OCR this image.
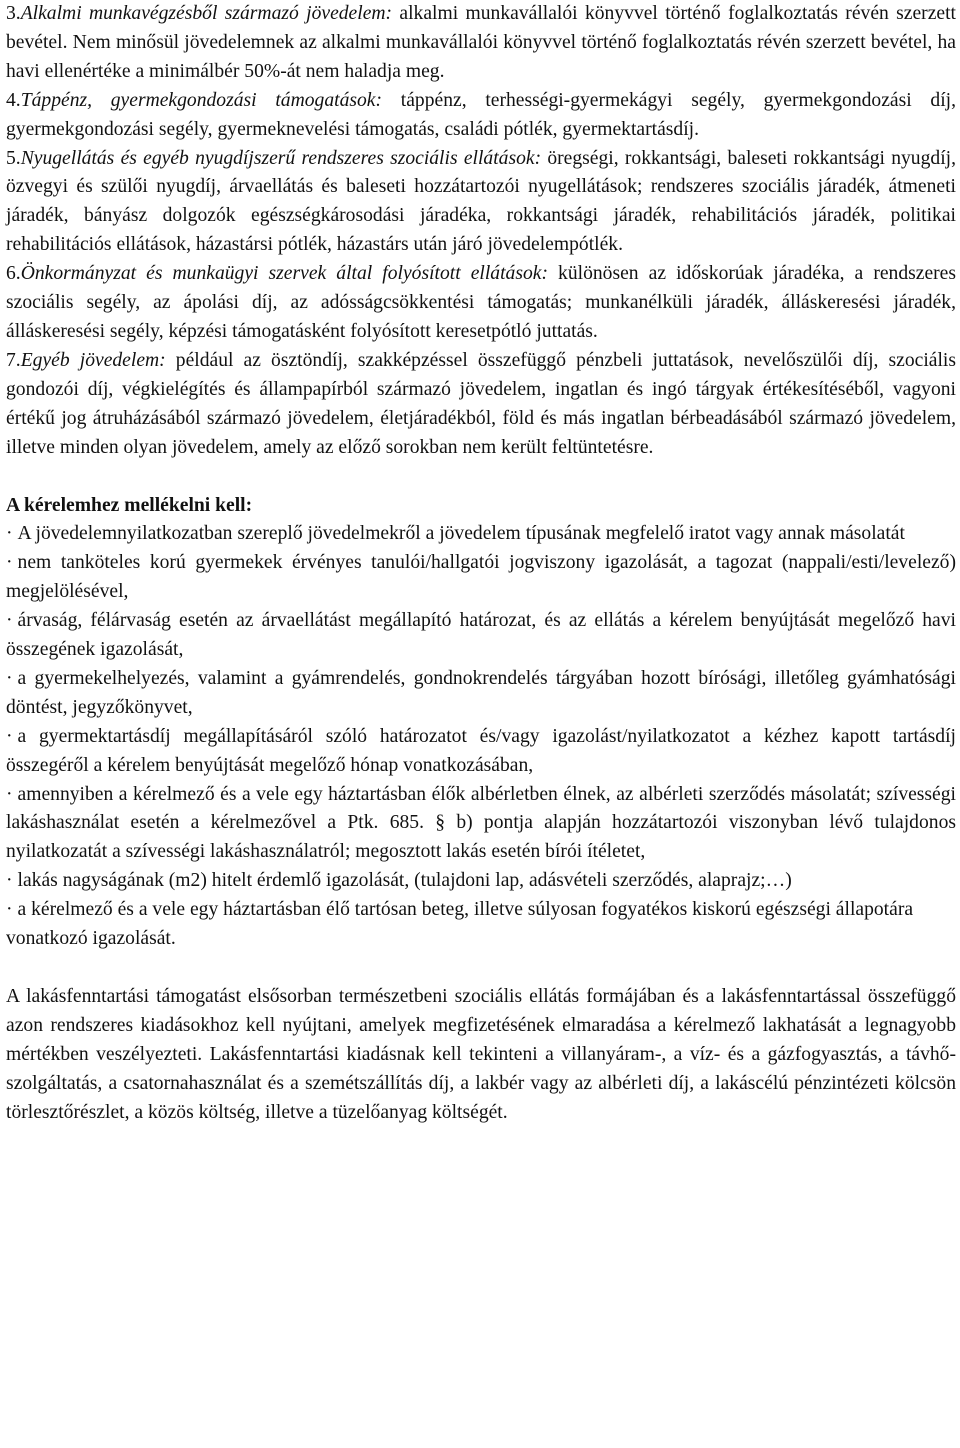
3.Alkalmi munkavégzésből származó jövedelem: alkalmi munkavállalói könyvvel történő foglalkoztatás révén szerzett bevétel. Nem minősül jövedelemnek az alkalmi munkavállalói könyvvel történő foglalkoztatás révén szerzett bevétel, ha havi ellenértéke a minimálbér 50%-át nem haladja meg.

4.Táppénz, gyermekgondozási támogatások: táppénz, terhességi-gyermekágyi segély, gyermekgondozási díj, gyermekgondozási segély, gyermeknevelési támogatás, családi pótlék, gyermektartásdíj.

5.Nyugellátás és egyéb nyugdíjszerű rendszeres szociális ellátások: öregségi, rokkantsági, baleseti rokkantsági nyugdíj, özvegyi és szülői nyugdíj, árvaellátás és baleseti hozzátartozói nyugellátások; rendszeres szociális járadék, átmeneti járadék, bányász dolgozók egészségkárosodási járadéka, rokkantsági járadék, rehabilitációs járadék, politikai rehabilitációs ellátások, házastársi pótlék, házastárs után járó jövedelempótlék.

6.Önkormányzat és munkaügyi szervek által folyósított ellátások: különösen az időskorúak járadéka, a rendszeres szociális segély, az ápolási díj, az adósságcsökkentési támogatás; munkanélküli járadék, álláskeresési járadék, álláskeresési segély, képzési támogatásként folyósított keresetpótló juttatás.

7.Egyéb jövedelem: például az ösztöndíj, szakképzéssel összefüggő pénzbeli juttatások, nevelőszülői díj, szociális gondozói díj, végkielégítés és állampapírból származó jövedelem, ingatlan és ingó tárgyak értékesítéséből, vagyoni értékű jog átruházásából származó jövedelem, életjáradékból, föld és más ingatlan bérbeadásából származó jövedelem, illetve minden olyan jövedelem, amely az előző sorokban nem került feltüntetésre.

A kérelemhez mellékelni kell:

· A jövedelemnyilatkozatban szereplő jövedelmekről a jövedelem típusának megfelelő iratot vagy annak másolatát

· nem tanköteles korú gyermekek érvényes tanulói/hallgatói jogviszony igazolását, a tagozat (nappali/esti/levelező) megjelölésével,

· árvaság, félárvaság esetén az árvaellátást megállapító határozat, és az ellátás a kérelem benyújtását megelőző havi összegének igazolását,

· a gyermekelhelyezés, valamint a gyámrendelés, gondnokrendelés tárgyában hozott bírósági, illetőleg gyámhatósági döntést, jegyzőkönyvet,

· a gyermektartásdíj megállapításáról szóló határozatot és/vagy igazolást/nyilatkozatot a kézhez kapott tartásdíj összegéről a kérelem benyújtását megelőző hónap vonatkozásában,

· amennyiben a kérelmező és a vele egy háztartásban élők albérletben élnek, az albérleti szerződés másolatát; szívességi lakáshasználat esetén a kérelmezővel a Ptk. 685. § b) pontja alapján hozzátartozói viszonyban lévő tulajdonos nyilatkozatát a szívességi lakáshasználatról; megosztott lakás esetén bírói ítéletet,

· lakás nagyságának (m2) hitelt érdemlő igazolását, (tulajdoni lap, adásvételi szerződés, alaprajz;…)

· a kérelmező és a vele egy háztartásban élő tartósan beteg, illetve súlyosan fogyatékos kiskorú egészségi állapotára

vonatkozó igazolását.

A lakásfenntartási támogatást elsősorban természetbeni szociális ellátás formájában és a lakásfenntartással összefüggő azon rendszeres kiadásokhoz kell nyújtani, amelyek megfizetésének elmaradása a kérelmező lakhatását a legnagyobb mértékben veszélyezteti. Lakásfenntartási kiadásnak kell tekinteni a villanyáram-, a víz- és a gázfogyasztás, a távhő-szolgáltatás, a csatornahasználat és a szemétszállítás díj, a lakbér vagy az albérleti díj, a lakáscélú pénzintézeti kölcsön törlesztőrészlet, a közös költség, illetve a tüzelőanyag költségét.
